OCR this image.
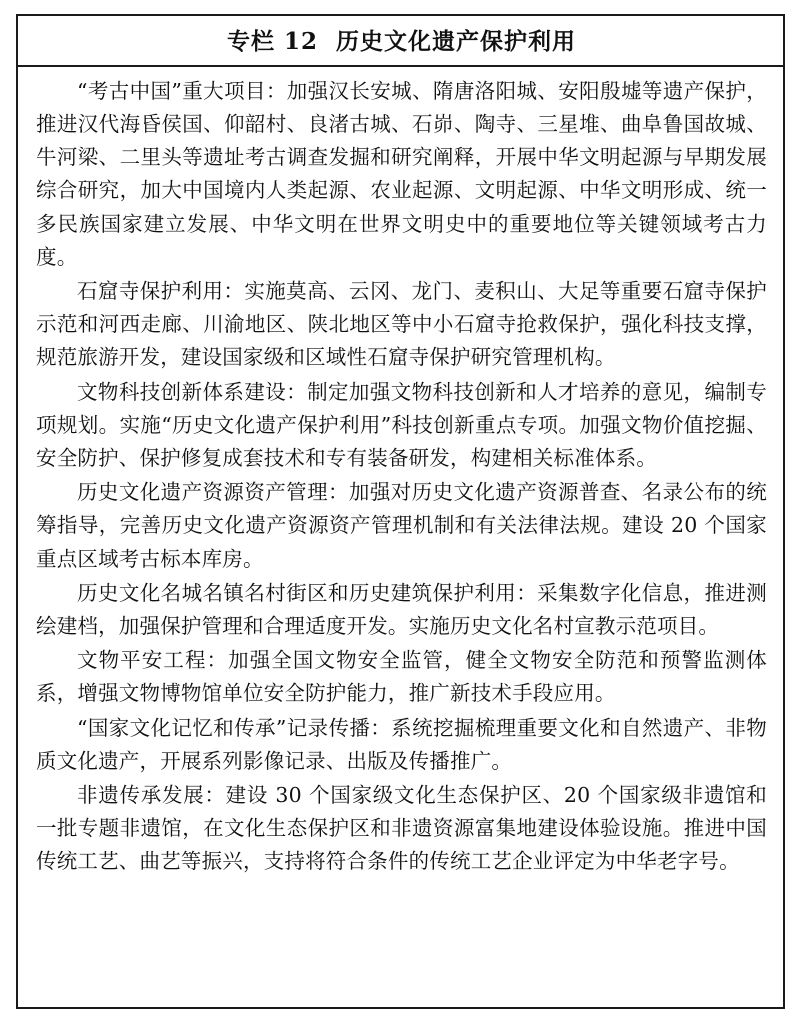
专栏 12 历史文化遗产保护利用

“考古中国”重大项目：加强汉长安城、隋唐洛阳城、安阳殷墟等遗产保护，推进汉代海昏侯国、仰韶村、良渚古城、石峁、陶寺、三星堆、曲阜鲁国故城、牛河梁、二里头等遗址考古调查发掘和研究阐释，开展中华文明起源与早期发展综合研究，加大中国境内人类起源、农业起源、文明起源、中华文明形成、统一多民族国家建立发展、中华文明在世界文明史中的重要地位等关键领域考古力度。

石窟寺保护利用：实施莫高、云冈、龙门、麦积山、大足等重要石窟寺保护示范和河西走廊、川渝地区、陕北地区等中小石窟寺抢救保护，强化科技支撑，规范旅游开发，建设国家级和区域性石窟寺保护研究管理机构。

文物科技创新体系建设：制定加强文物科技创新和人才培养的意见，编制专项规划。实施“历史文化遗产保护利用”科技创新重点专项。加强文物价值挖掘、安全防护、保护修复成套技术和专有装备研发，构建相关标准体系。

历史文化遗产资源资产管理：加强对历史文化遗产资源普查、名录公布的统筹指导，完善历史文化遗产资源资产管理机制和有关法律法规。建设 20 个国家重点区域考古标本库房。

历史文化名城名镇名村街区和历史建筑保护利用：采集数字化信息，推进测绘建档，加强保护管理和合理适度开发。实施历史文化名村宣教示范项目。

文物平安工程：加强全国文物安全监管，健全文物安全防范和预警监测体系，增强文物博物馆单位安全防护能力，推广新技术手段应用。

“国家文化记忆和传承”记录传播：系统挖掘梳理重要文化和自然遗产、非物质文化遗产，开展系列影像记录、出版及传播推广。

非遗传承发展：建设 30 个国家级文化生态保护区、20 个国家级非遗馆和一批专题非遗馆，在文化生态保护区和非遗资源富集地建设体验设施。推进中国传统工艺、曲艺等振兴，支持将符合条件的传统工艺企业评定为中华老字号。
